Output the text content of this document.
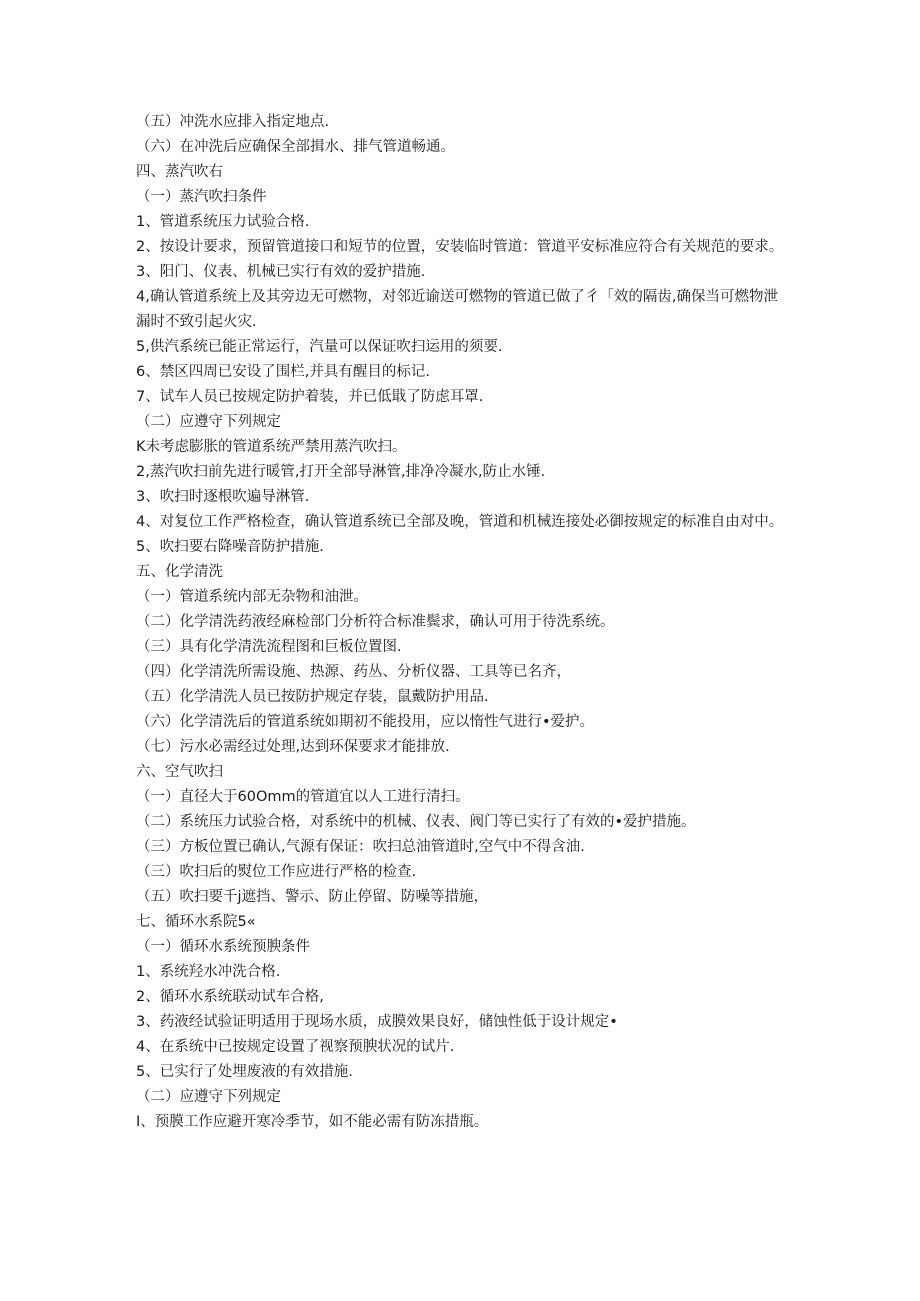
（五）冲洗水应排入指定地点.

（六）在冲洗后应确保全部揖水、排气管道畅通。

四、蒸汽吹右

（一）蒸汽吹扫条件

1、管道系统压力试验合格.

2、按设计要求，预留管道接口和短节的位置，安装临时管道：管道平安标准应符合有关规范的要求。

3、阳门、仪表、机械已实行有效的爱护措施.

4,确认管道系统上及其旁边无可燃物，对邻近谕送可燃物的管道已做了彳「效的隔齿,确保当可燃物泄漏时不致引起火灾.

5,供汽系统已能正常运行，汽量可以保证吹扫运用的须要.

6、禁区四周已安设了围栏,并具有醒目的标记.

7、试车人员已按规定防护着装，并已低戢了防虑耳罩.

（二）应遵守下列规定

K未考虑膨胀的管道系统严禁用蒸汽吹扫。

2,蒸汽吹扫前先进行暖管,打开全部导淋管,排净冷凝水,防止水锤.

3、吹扫时逐根吹遍导淋管.

4、对复位工作严格检查，确认管道系统已全部及晚，管道和机械连接处必御按规定的标准自由对中。

5、吹扫要右降噪音防护措施.

五、化学清洗

（一）管道系统内部无杂物和油泄。

（二）化学清洗药液经麻检部门分析符合标准鬓求，确认可用于待洗系统。

（三）具有化学清洗流程图和巨板位置图.

（四）化学清洗所需设施、热源、药丛、分析仪器、工具等已名齐，

（五）化学清洗人员已按防护规定存装，鼠戴防护用品.

（六）化学清洗后的管道系统如期初不能投用，应以惰性气进行•爱护。

（七）污水必需经过处理,达到环保要求才能排放.

六、空气吹扫

（一）直径大于60Omm的管道宜以人工进行清扫。

（二）系统压力试验合格，对系统中的机械、仪表、阀门等已实行了有效的•爱护措施。

（三）方板位置已确认,气源有保证：吹扫总油管道时,空气中不得含油.

（三）吹扫后的熨位工作应进行严格的检查.

（五）吹扫要千j遮挡、警示、防止停留、防噪等措施，

七、循环水系院5«

（一）循环水系统预腴条件

1、系统羟水冲洗合格.

2、循环水系统联动试车合格,

3、药液经试验证明适用于现场水质，成膜效果良好，储蚀性低于设计规定•

4、在系统中已按规定设置了视察预腴状况的试片.

5、已实行了处埋废液的有效措施.

（二）应遵守下列规定

I、预膜工作应避开寒冷季节，如不能必需有防冻措瓶。
